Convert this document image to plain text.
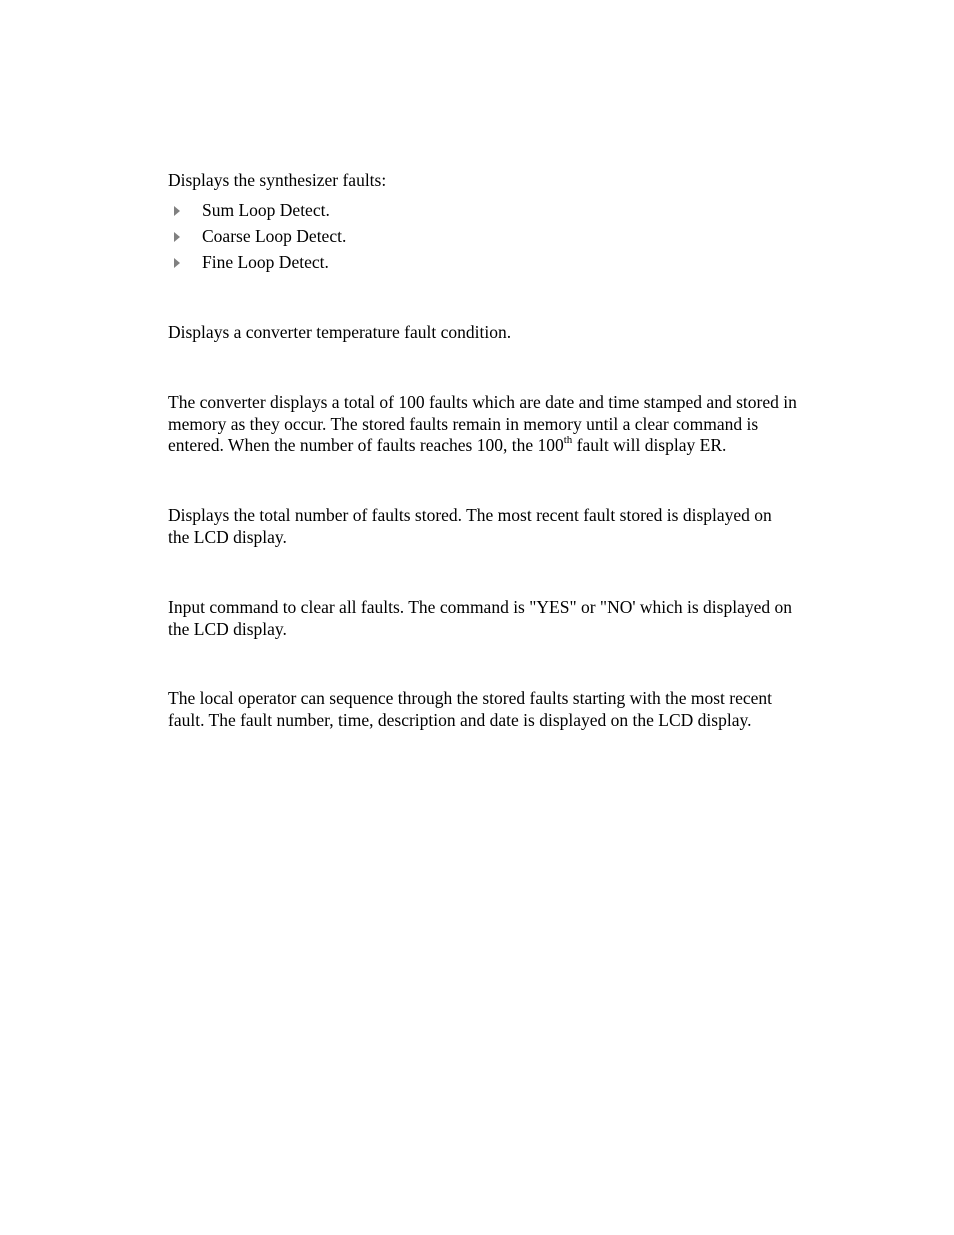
Displays the synthesizer faults:
Sum Loop Detect.
Coarse Loop Detect.
Fine Loop Detect.
Displays a converter temperature fault condition.
The converter displays a total of 100 faults which are date and time stamped and stored in
memory as they occur. The stored faults remain in memory until a clear command is
entered. When the number of faults reaches 100, the 100th fault will display ER.
Displays the total number of faults stored. The most recent fault stored is displayed on
the LCD display.
Input command to clear all faults. The command is "YES" or "NO' which is displayed on
the LCD display.
The local operator can sequence through the stored faults starting with the most recent
fault. The fault number, time, description and date is displayed on the LCD display.
